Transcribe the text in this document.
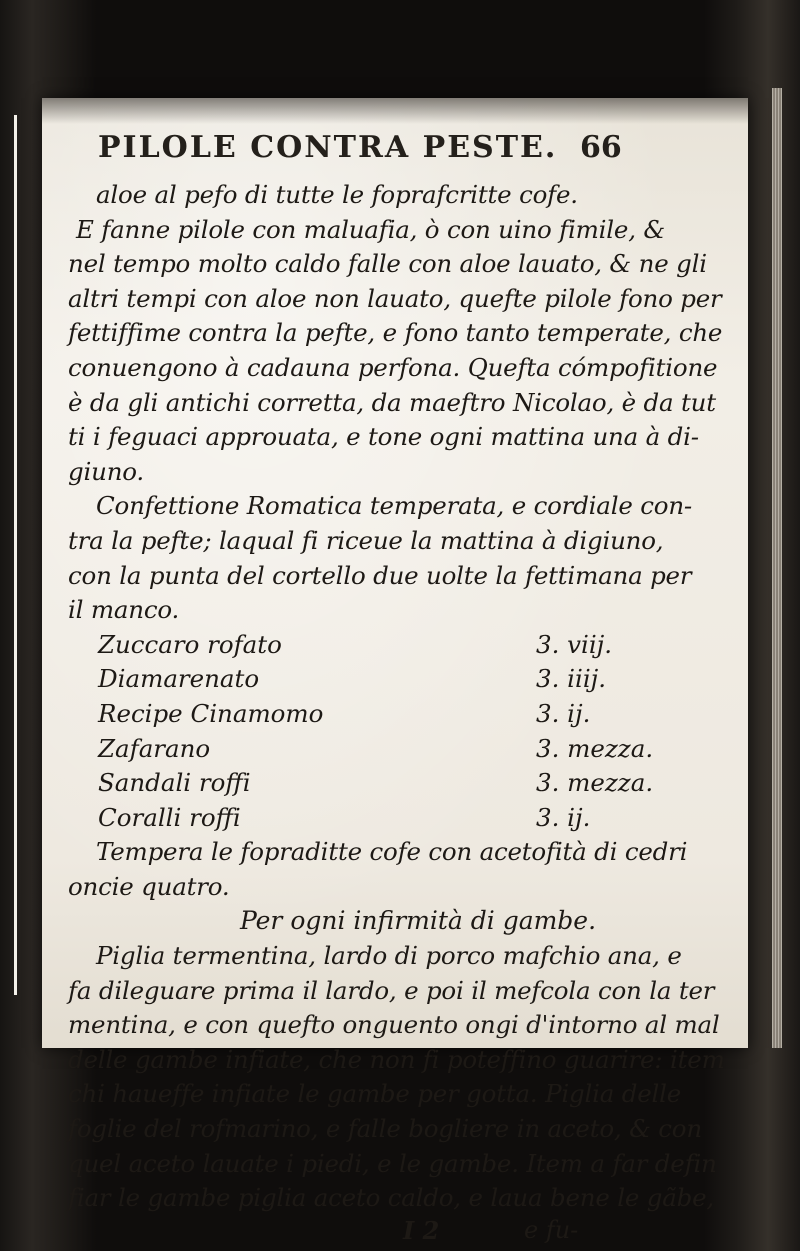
PILOLE CONTRA PESTE. 66
aloe al pefo di tutte le foprafcritte cofe.
E fanne pilole con maluafia, ò con uino fimile, &
nel tempo molto caldo falle con aloe lauato, & ne gli
altri tempi con aloe non lauato, quefte pilole fono per
fettiffime contra la pefte, e fono tanto temperate, che
conuengono à cadauna perfona. Quefta cómpofitione
è da gli antichi corretta, da maeftro Nicolao, è da tut
ti i feguaci approuata, e tone ogni mattina una à di-
giuno.
Confettione Romatica temperata, e cordiale con-
tra la pefte; laqual fi riceue la mattina à digiuno,
con la punta del cortello due uolte la fettimana per
il manco.
Zuccaro rofato	3. viij.
Diamarenato	3. iiij.
Recipe Cinamomo	3. ij.
Zafarano	3. mezza.
Sandali roffi	3. mezza.
Coralli roffi	3. ij.
Tempera le fopraditte cofe con acetofità di cedri
oncie quatro.
Per ogni infirmità di gambe.
Piglia termentina, lardo di porco mafchio ana, e
fa dileguare prima il lardo, e poi il mefcola con la ter
mentina, e con quefto onguento ongi d'intorno al mal
delle gambe infiate, che non fi poteffino guarire: item
chi haueffe infiate le gambe per gotta. Piglia delle
foglie del rofmarino, e falle bogliere in aceto, & con
quel aceto lauate i piedi, e le gambe. Item a far defin
fiar le gambe piglia aceto caldo, e laua bene le gãbe,
I 2	e fu-
